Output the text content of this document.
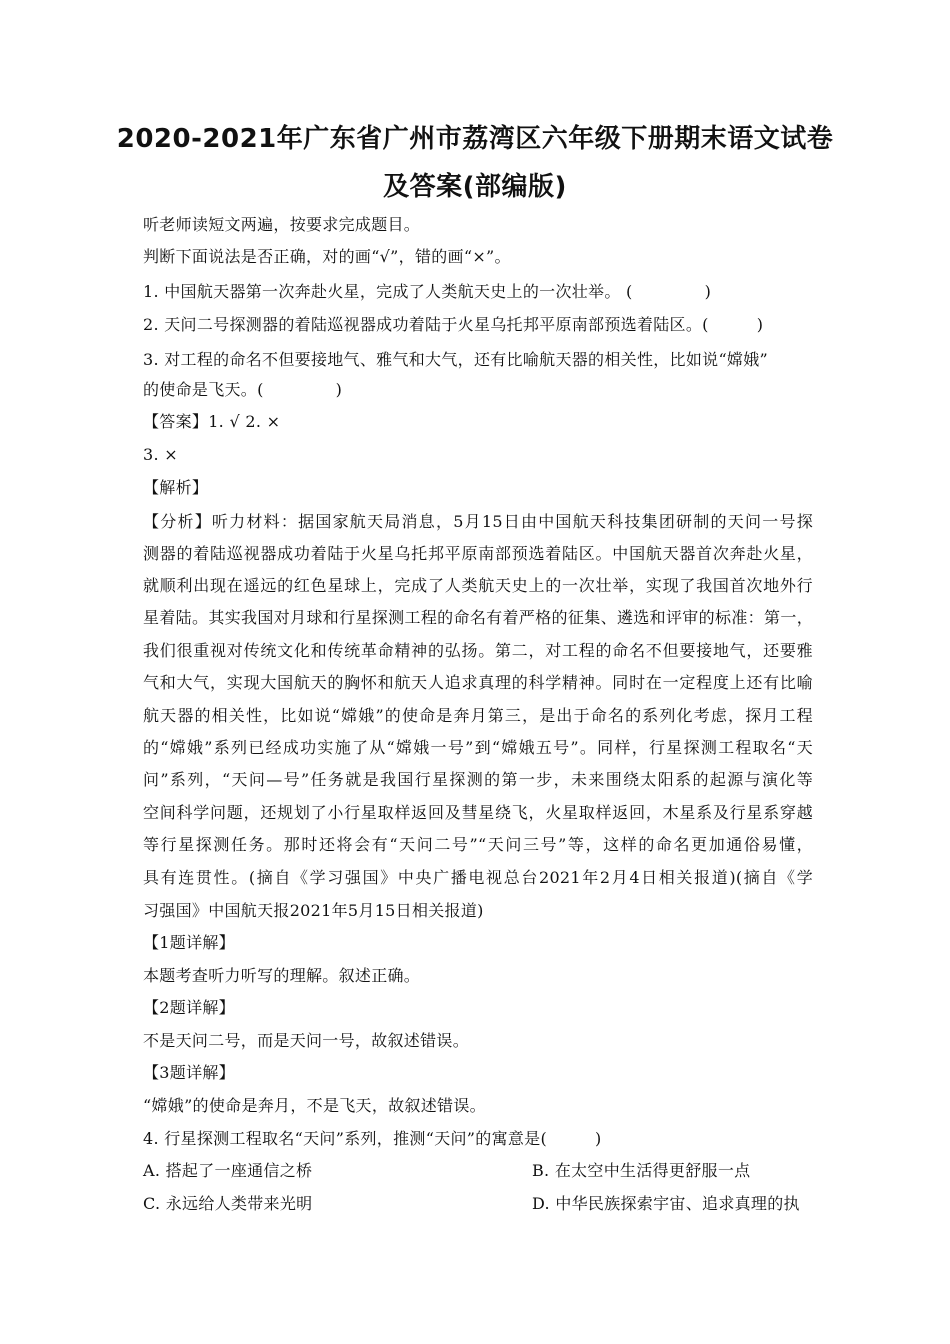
2020-2021年广东省广州市荔湾区六年级下册期末语文试卷
及答案(部编版)
听老师读短文两遍，按要求完成题目。
判断下面说法是否正确，对的画“√”，错的画“×”。
1. 中国航天器第一次奔赴火星，完成了人类航天史上的一次壮举。 (	)
2. 天问二号探测器的着陆巡视器成功着陆于火星乌托邦平原南部预选着陆区。(	)
3. 对工程的命名不但要接地气、雅气和大气，还有比喻航天器的相关性，比如说“嫦娥”
的使命是飞天。(	)
【答案】1. √ 2. ×
3. ×
【解析】
【分析】听力材料：据国家航天局消息，5月15日由中国航天科技集团研制的天问一号探
测器的着陆巡视器成功着陆于火星乌托邦平原南部预选着陆区。中国航天器首次奔赴火星，
就顺利出现在遥远的红色星球上，完成了人类航天史上的一次壮举，实现了我国首次地外行
星着陆。其实我国对月球和行星探测工程的命名有着严格的征集、遴选和评审的标准：第一，
我们很重视对传统文化和传统革命精神的弘扬。第二，对工程的命名不但要接地气，还要雅
气和大气，实现大国航天的胸怀和航天人追求真理的科学精神。同时在一定程度上还有比喻
航天器的相关性，比如说“嫦娥”的使命是奔月第三，是出于命名的系列化考虑，探月工程
的“嫦娥”系列已经成功实施了从“嫦娥一号”到“嫦娥五号”。同样，行星探测工程取名“天
问”系列，“天问—号”任务就是我国行星探测的第一步，未来围绕太阳系的起源与演化等
空间科学问题，还规划了小行星取样返回及彗星绕飞，火星取样返回，木星系及行星系穿越
等行星探测任务。那时还将会有“天问二号”“天问三号”等，这样的命名更加通俗易懂，
具有连贯性。(摘自《学习强国》中央广播电视总台2021年2月4日相关报道)(摘自《学
习强国》中国航天报2021年5月15日相关报道)
【1题详解】
本题考查听力听写的理解。叙述正确。
【2题详解】
不是天问二号，而是天问一号，故叙述错误。
【3题详解】
“嫦娥”的使命是奔月，不是飞天，故叙述错误。
4. 行星探测工程取名“天问”系列，推测“天问”的寓意是(	)
A. 搭起了一座通信之桥	B. 在太空中生活得更舒服一点
C. 永远给人类带来光明	D. 中华民族探索宇宙、追求真理的执
